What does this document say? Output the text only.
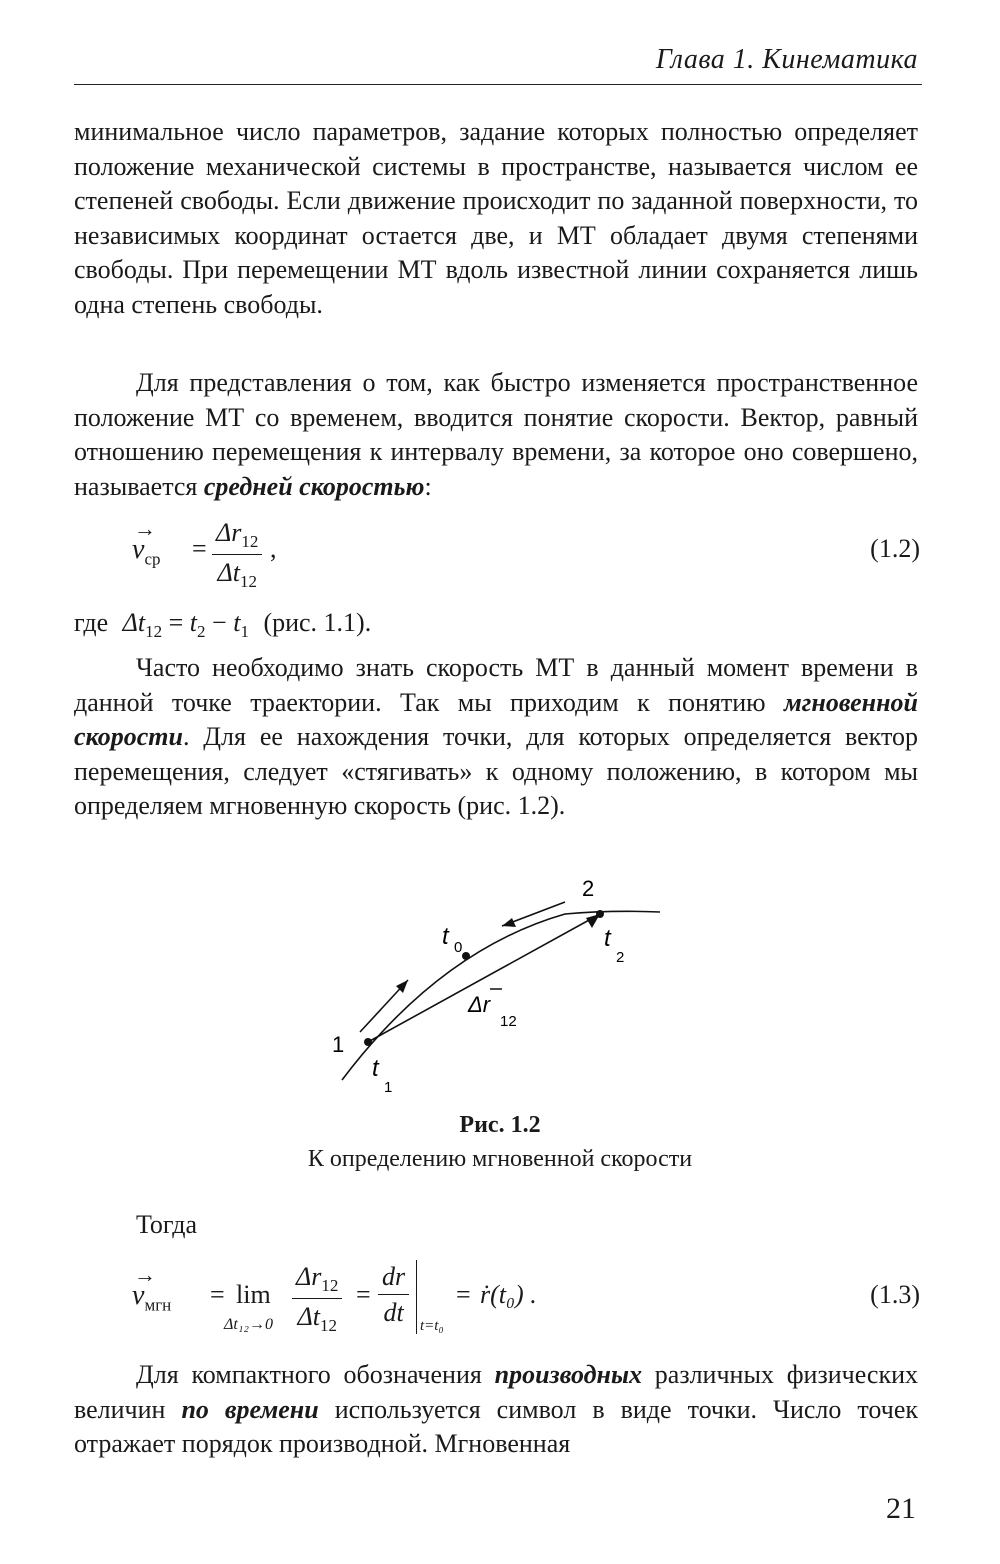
Глава 1. Кинематика

минимальное число параметров, задание которых полностью определяет положение механической системы в пространстве, называется числом ее степеней свободы. Если движение происходит по заданной поверхности, то независимых координат остается две, и МТ обладает двумя степенями свободы. При перемещении МТ вдоль известной линии сохраняется лишь одна степень свободы.

Для представления о том, как быстро изменяется пространственное положение МТ со временем, вводится понятие скорости. Вектор, равный отношению перемещения к интервалу времени, за которое оно совершено, называется средней скоростью:

→
$v_{ср} = \frac{\Delta r_{12}}{\Delta t_{12}}$ ,	(1.2)
где $\Delta t_{12} = t_2 - t_1$ (рис. 1.1).

Часто необходимо знать скорость МТ в данный момент времени в данной точке траектории. Так мы приходим к понятию мгновенной скорости. Для ее нахождения точки, для которых определяется вектор перемещения, следует «стягивать» к одному положению, в котором мы определяем мгновенную скорость (рис. 1.2).

1
2
t 0
t
1
t
2
Δr
12
Рис. 1.2
К определению мгновенной скорости
Тогда
→
$v_{мгн} = \lim$
$\Delta t_{12}\to 0 \frac{\Delta r_{12}}{\Delta t_{12}} = \frac{dr}{dt} t=t_0$
= ṙ(t₀) .	(1.3)

Для компактного обозначения производных различных физических величин по времени используется символ в виде точки. Число точек отражает порядок производной. Мгновенная

21
